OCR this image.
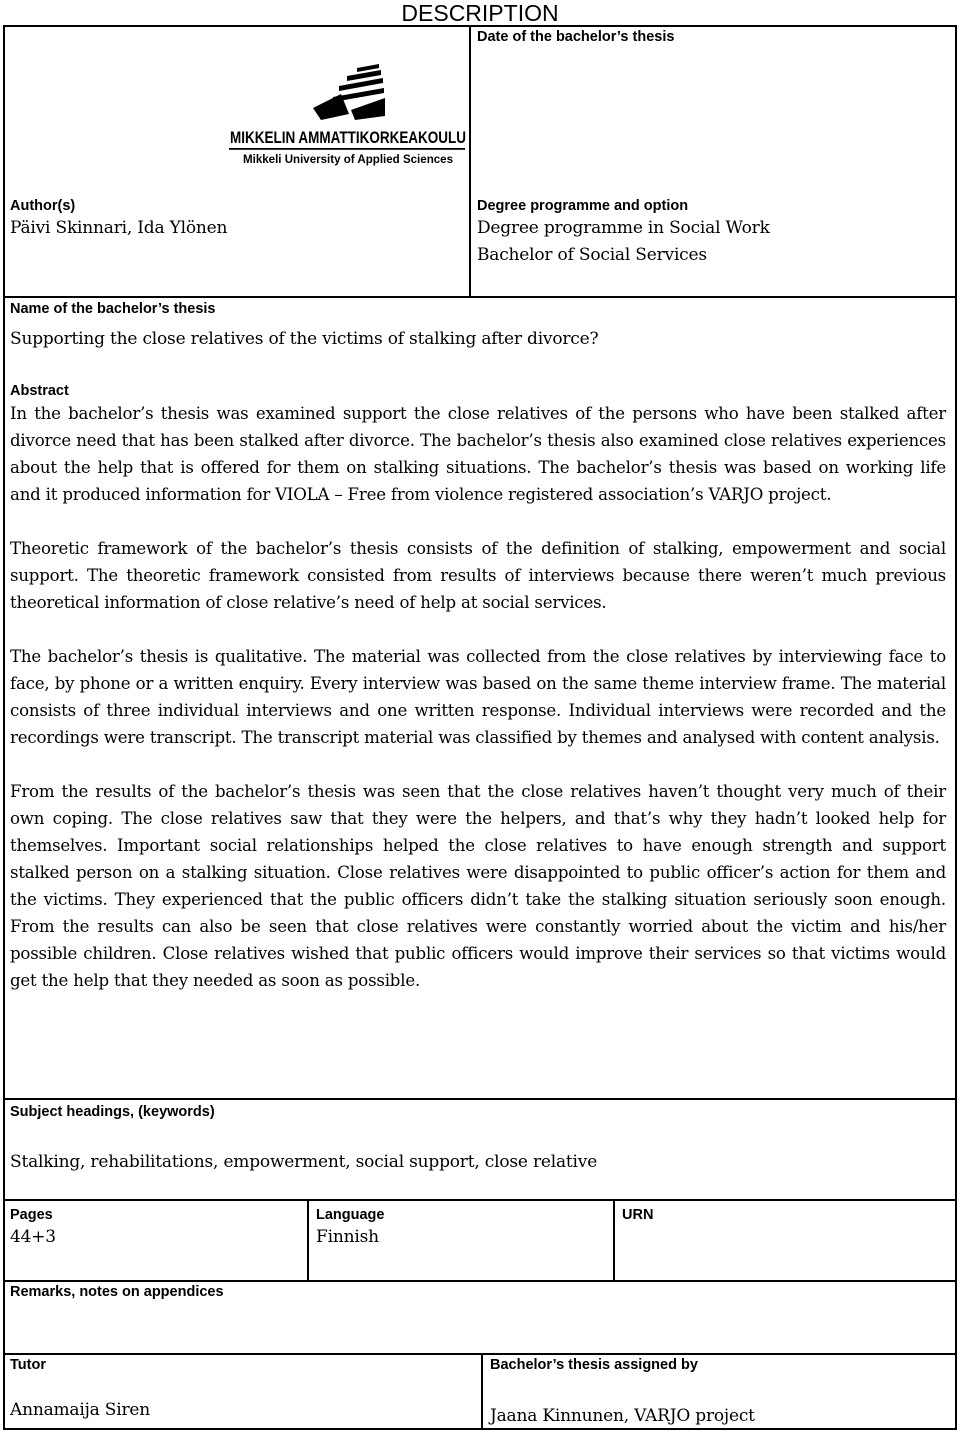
DESCRIPTION
Date of the bachelor’s thesis
MIKKELIN AMMATTIKORKEAKOULU
Mikkeli University of Applied Sciences
Author(s)
Päivi Skinnari, Ida Ylönen
Degree programme and option
Degree programme in Social Work
Bachelor of Social Services
Name of the bachelor’s thesis
Supporting the close relatives of the victims of stalking after divorce?
Abstract

In the bachelor’s thesis was examined support the close relatives of the persons who have been stalked after divorce need that has been stalked after divorce. The bachelor’s thesis also examined close relatives experiences about the help that is offered for them on stalking situations. The bachelor’s thesis was based on working life and it produced information for VIOLA – Free from violence registered association’s VARJO project.

Theoretic framework of the bachelor’s thesis consists of the definition of stalking, empowerment and social support. The theoretic framework consisted from results of interviews because there weren’t much previous theoretical information of close relative’s need of help at social services.

The bachelor’s thesis is qualitative. The material was collected from the close relatives by interviewing face to face, by phone or a written enquiry. Every interview was based on the same theme interview frame. The material consists of three individual interviews and one written response. Individual interviews were recorded and the recordings were transcript. The transcript material was classified by themes and analysed with content analysis.

From the results of the bachelor’s thesis was seen that the close relatives haven’t thought very much of their own coping. The close relatives saw that they were the helpers, and that’s why they hadn’t looked help for themselves. Important social relationships helped the close relatives to have enough strength and support stalked person on a stalking situation. Close relatives were disappointed to public officer’s action for them and the victims. They experienced that the public officers didn’t take the stalking situation seriously soon enough. From the results can also be seen that close relatives were constantly worried about the victim and his/her possible children. Close relatives wished that public officers would improve their services so that victims would get the help that they needed as soon as possible.

Subject headings, (keywords)
Stalking, rehabilitations, empowerment, social support, close relative
Pages
44+3
Language
Finnish
URN
Remarks, notes on appendices
Tutor
Annamaija Siren
Bachelor’s thesis assigned by
Jaana Kinnunen, VARJO project
